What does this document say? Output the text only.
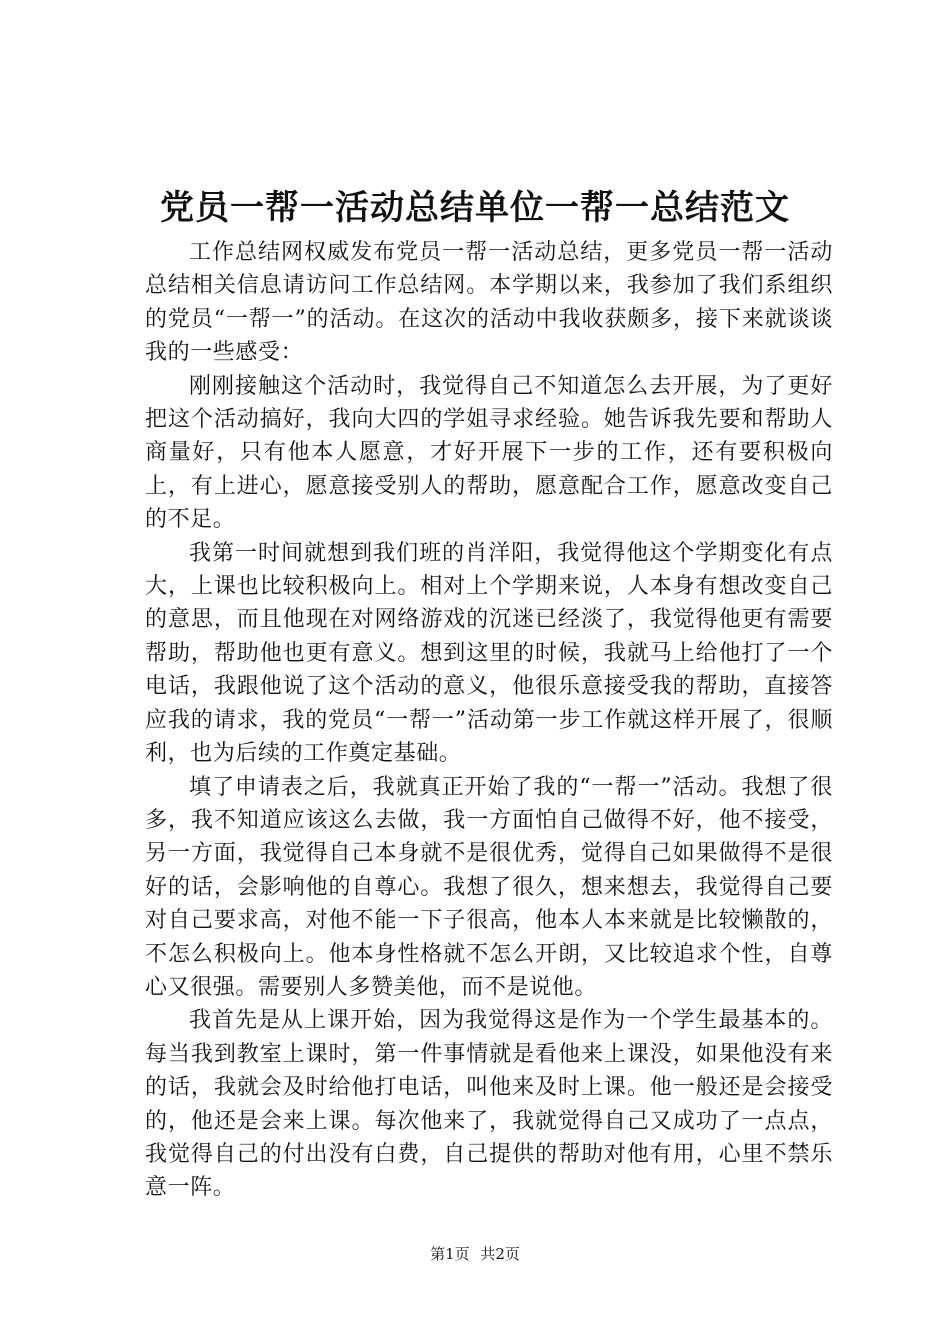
党员一帮一活动总结单位一帮一总结范文

工作总结网权威发布党员一帮一活动总结，更多党员一帮一活动总结相关信息请访问工作总结网。本学期以来，我参加了我们系组织的党员“一帮一”的活动。在这次的活动中我收获颇多，接下来就谈谈我的一些感受：

刚刚接触这个活动时，我觉得自己不知道怎么去开展，为了更好把这个活动搞好，我向大四的学姐寻求经验。她告诉我先要和帮助人商量好，只有他本人愿意，才好开展下一步的工作，还有要积极向上，有上进心，愿意接受别人的帮助，愿意配合工作，愿意改变自己的不足。

我第一时间就想到我们班的肖洋阳，我觉得他这个学期变化有点大，上课也比较积极向上。相对上个学期来说，人本身有想改变自己的意思，而且他现在对网络游戏的沉迷已经淡了，我觉得他更有需要帮助，帮助他也更有意义。想到这里的时候，我就马上给他打了一个电话，我跟他说了这个活动的意义，他很乐意接受我的帮助，直接答应我的请求，我的党员“一帮一”活动第一步工作就这样开展了，很顺利，也为后续的工作奠定基础。

填了申请表之后，我就真正开始了我的“一帮一”活动。我想了很多，我不知道应该这么去做，我一方面怕自己做得不好，他不接受，另一方面，我觉得自己本身就不是很优秀，觉得自己如果做得不是很好的话，会影响他的自尊心。我想了很久，想来想去，我觉得自己要对自己要求高，对他不能一下子很高，他本人本来就是比较懒散的，不怎么积极向上。他本身性格就不怎么开朗，又比较追求个性，自尊心又很强。需要别人多赞美他，而不是说他。

我首先是从上课开始，因为我觉得这是作为一个学生最基本的。每当我到教室上课时，第一件事情就是看他来上课没，如果他没有来的话，我就会及时给他打电话，叫他来及时上课。他一般还是会接受的，他还是会来上课。每次他来了，我就觉得自己又成功了一点点，我觉得自己的付出没有白费，自己提供的帮助对他有用，心里不禁乐意一阵。

第1页 共2页
